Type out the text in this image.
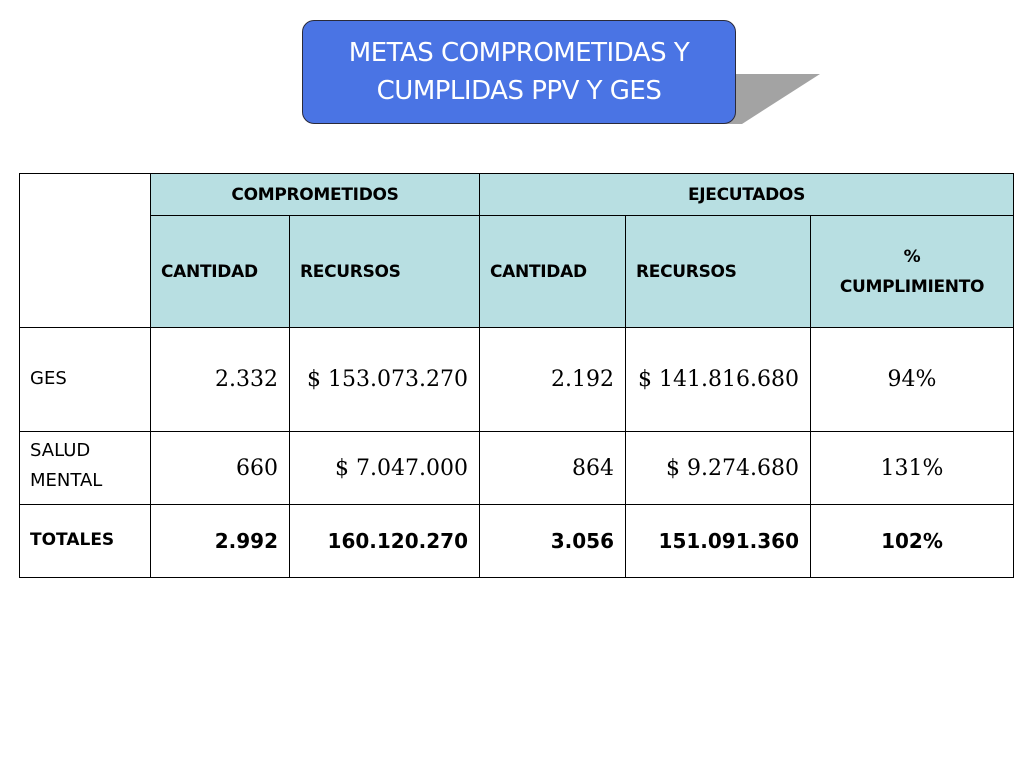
METAS COMPROMETIDAS Y
CUMPLIDAS PPV Y GES
	COMPROMETIDOS		EJECUTADOS		
	CANTIDAD	RECURSOS	CANTIDAD	RECURSOS	%
CUMPLIMIENTO

GES	2.332	$ 153.073.270	2.192	$ 141.816.680	94%

SALUD
MENTAL	660	$ 7.047.000	864	$ 9.274.680	131%
TOTALES	2.992	160.120.270	3.056	151.091.360	102%
